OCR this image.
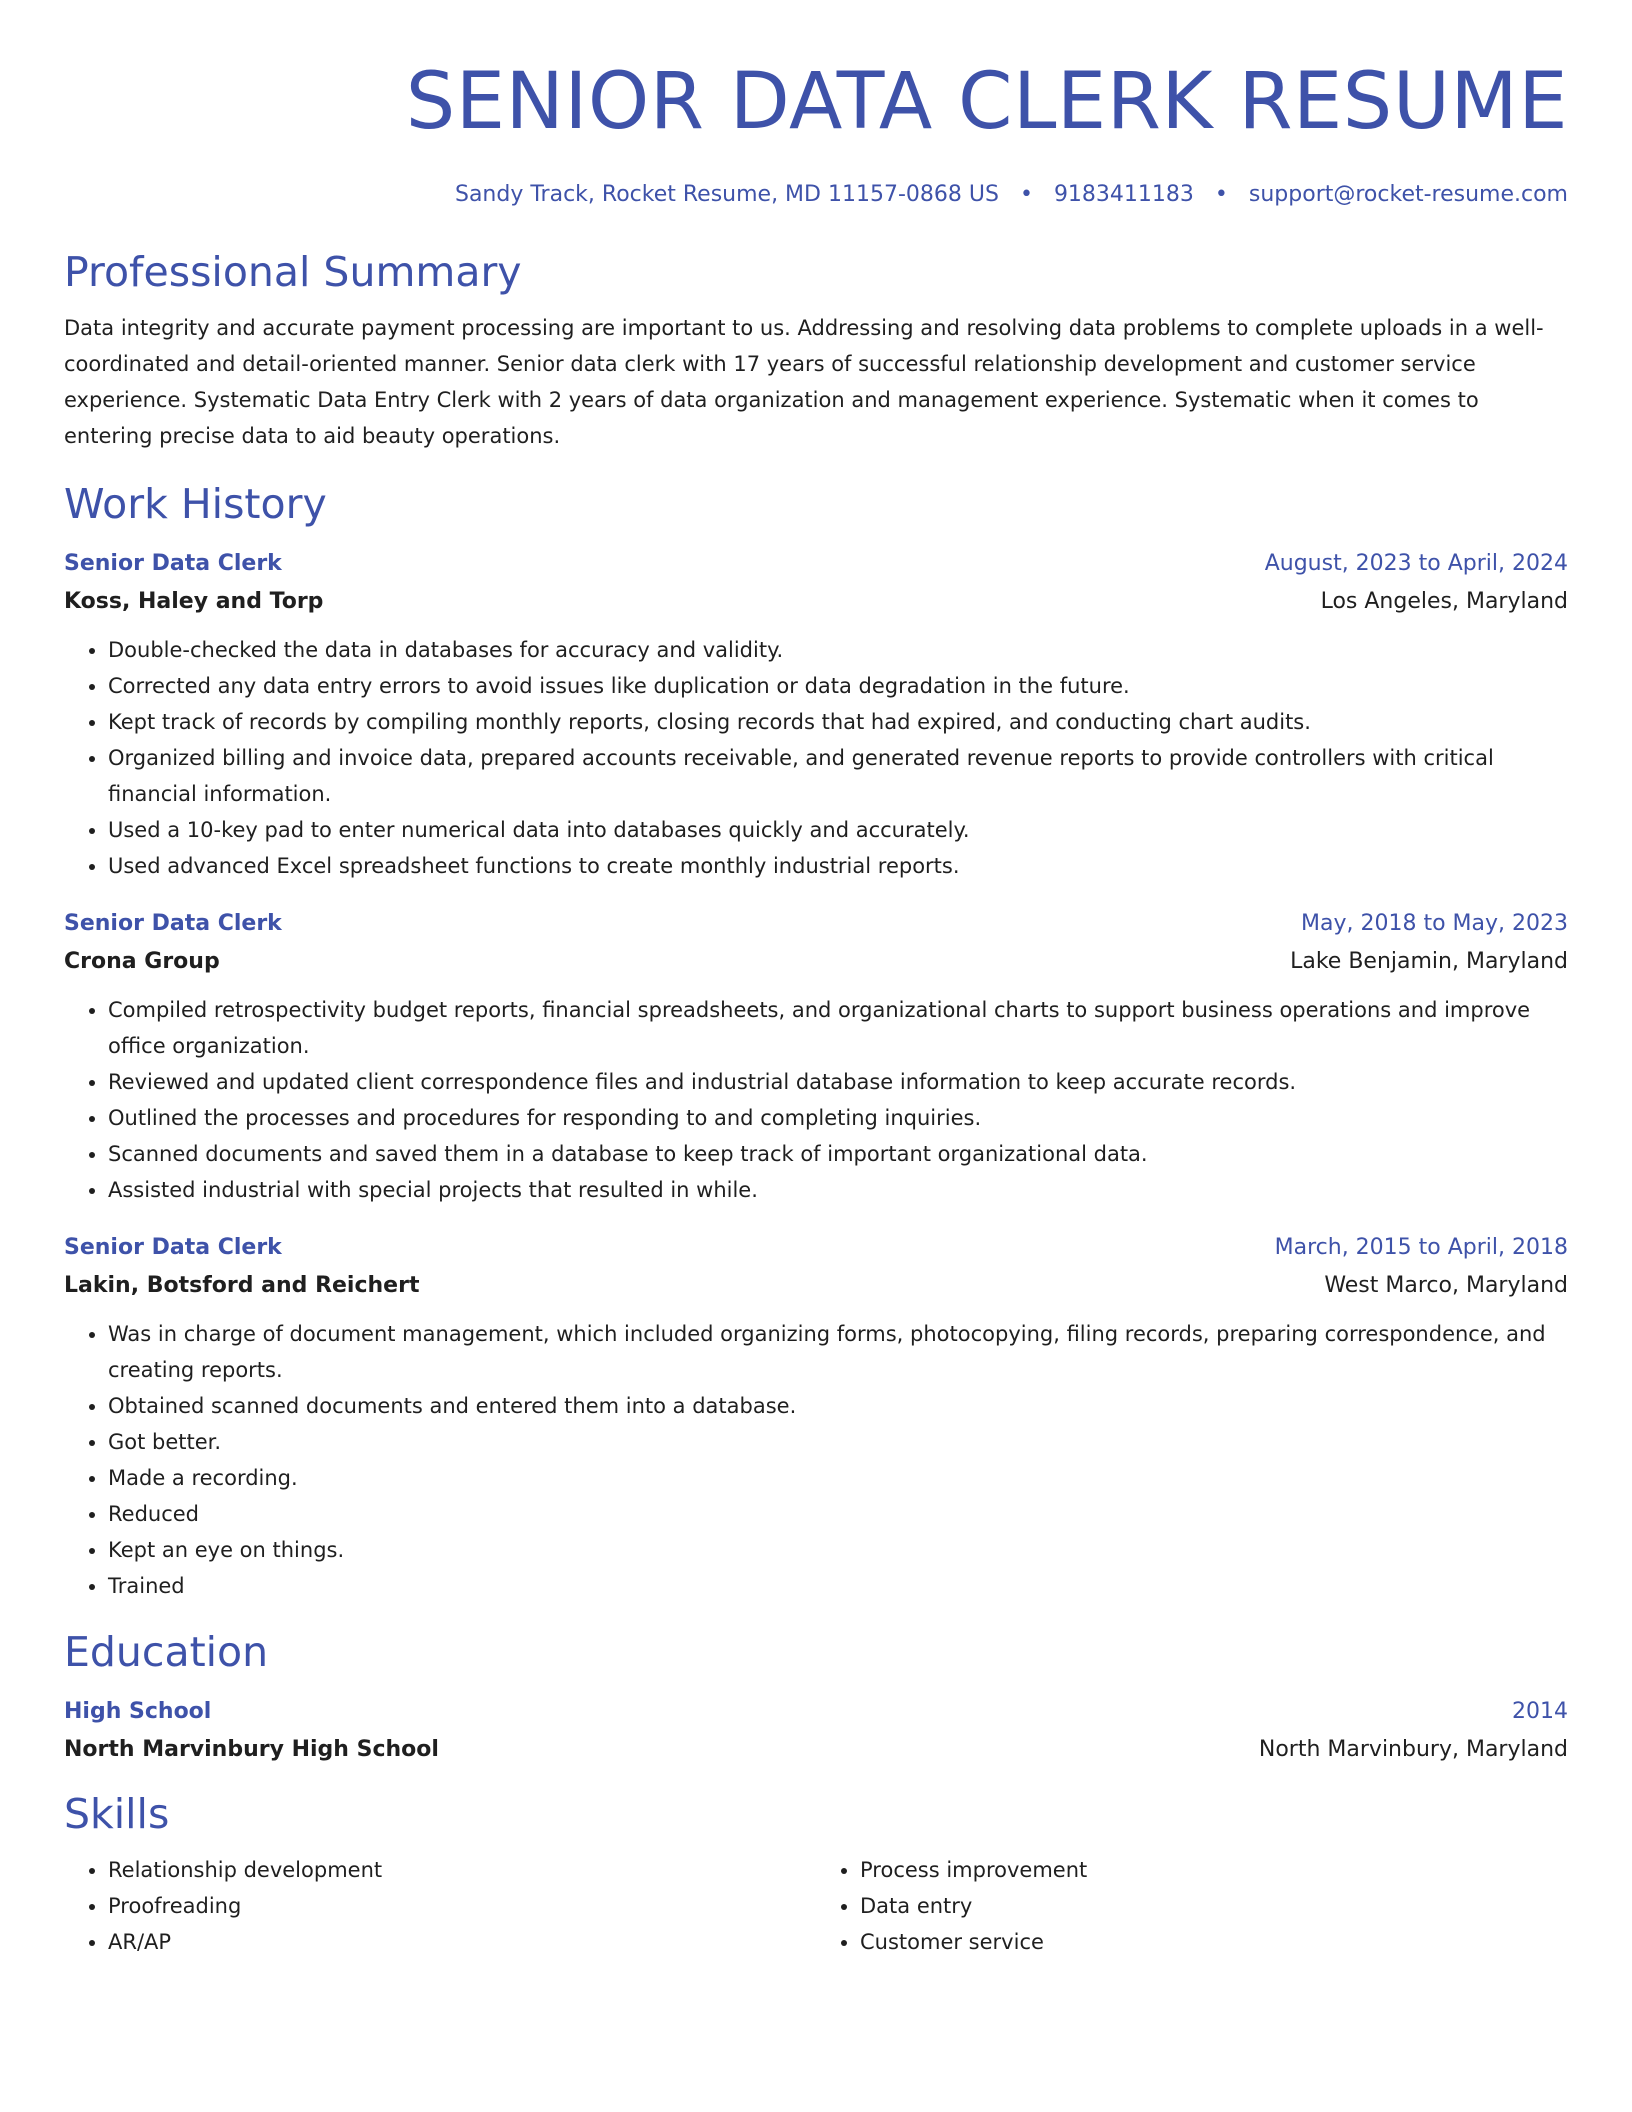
SENIOR DATA CLERK RESUME
Sandy Track, Rocket Resume, MD 11157-0868 US • 9183411183 • support@rocket-resume.com
Professional Summary
Data integrity and accurate payment processing are important to us. Addressing and resolving data problems to complete uploads in a well-coordinated and detail-oriented manner. Senior data clerk with 17 years of successful relationship development and customer service experience. Systematic Data Entry Clerk with 2 years of data organization and management experience. Systematic when it comes to entering precise data to aid beauty operations.
Work History
Senior Data Clerk	August, 2023 to April, 2024
Koss, Haley and Torp	Los Angeles, Maryland
• Double-checked the data in databases for accuracy and validity.
• Corrected any data entry errors to avoid issues like duplication or data degradation in the future.
• Kept track of records by compiling monthly reports, closing records that had expired, and conducting chart audits.
• Organized billing and invoice data, prepared accounts receivable, and generated revenue reports to provide controllers with critical financial information.
• Used a 10-key pad to enter numerical data into databases quickly and accurately.
• Used advanced Excel spreadsheet functions to create monthly industrial reports.
Senior Data Clerk	May, 2018 to May, 2023
Crona Group	Lake Benjamin, Maryland
• Compiled retrospectivity budget reports, financial spreadsheets, and organizational charts to support business operations and improve office organization.
• Reviewed and updated client correspondence files and industrial database information to keep accurate records.
• Outlined the processes and procedures for responding to and completing inquiries.
• Scanned documents and saved them in a database to keep track of important organizational data.
• Assisted industrial with special projects that resulted in while.
Senior Data Clerk	March, 2015 to April, 2018
Lakin, Botsford and Reichert	West Marco, Maryland
• Was in charge of document management, which included organizing forms, photocopying, filing records, preparing correspondence, and creating reports.
• Obtained scanned documents and entered them into a database.
• Got better.
• Made a recording.
• Reduced
• Kept an eye on things.
• Trained
Education
High School	2014
North Marvinbury High School	North Marvinbury, Maryland
Skills
• Relationship development
• Proofreading
• AR/AP
• Process improvement
• Data entry
• Customer service
